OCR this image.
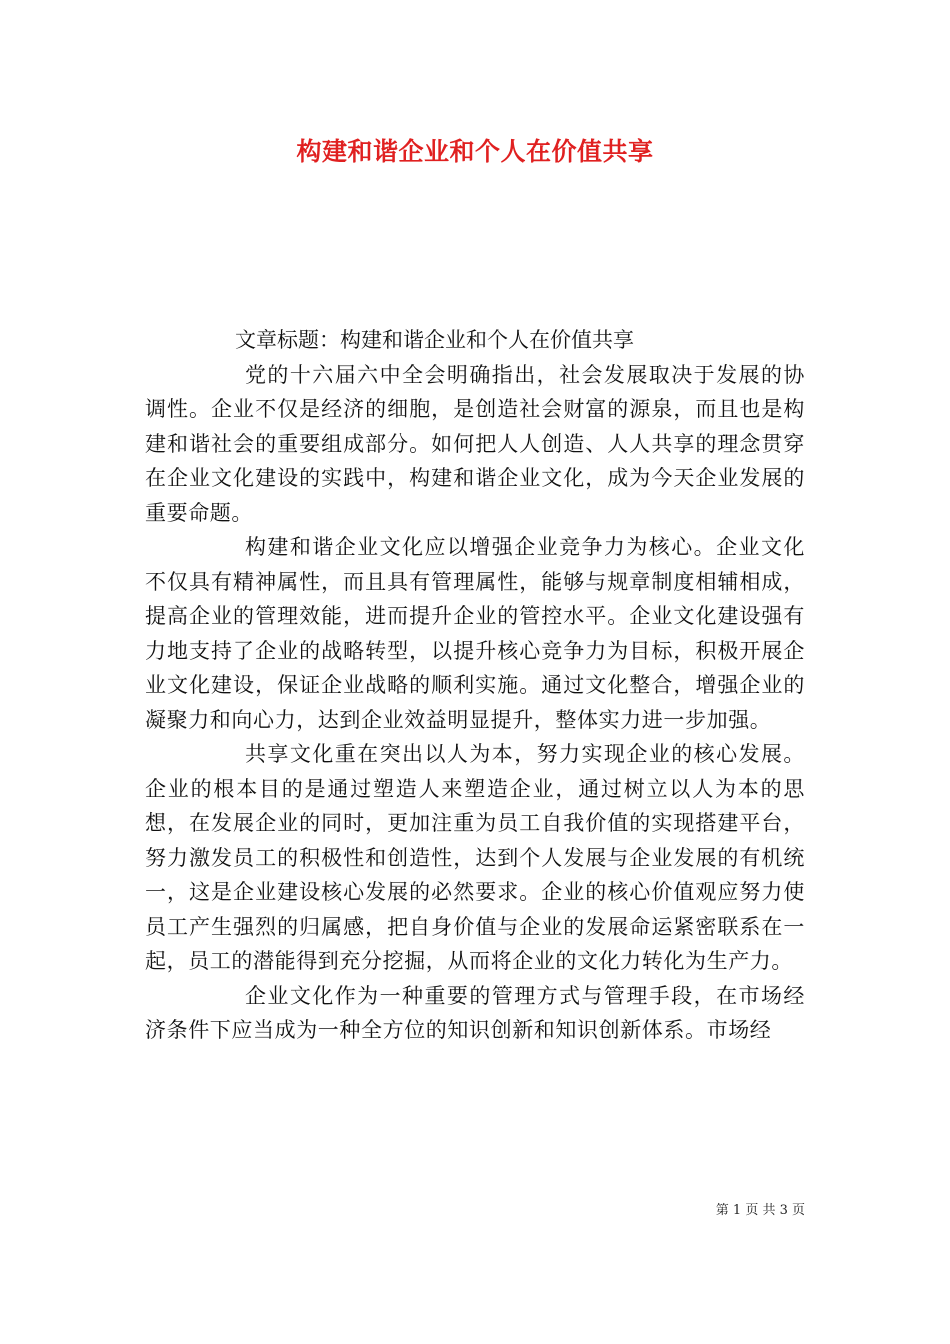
构建和谐企业和个人在价值共享

文章标题：构建和谐企业和个人在价值共享

党的十六届六中全会明确指出，社会发展取决于发展的协调性。企业不仅是经济的细胞，是创造社会财富的源泉，而且也是构建和谐社会的重要组成部分。如何把人人创造、人人共享的理念贯穿在企业文化建设的实践中，构建和谐企业文化，成为今天企业发展的重要命题。

构建和谐企业文化应以增强企业竞争力为核心。企业文化不仅具有精神属性，而且具有管理属性，能够与规章制度相辅相成，提高企业的管理效能，进而提升企业的管控水平。企业文化建设强有力地支持了企业的战略转型，以提升核心竞争力为目标，积极开展企业文化建设，保证企业战略的顺利实施。通过文化整合，增强企业的凝聚力和向心力，达到企业效益明显提升，整体实力进一步加强。

共享文化重在突出以人为本，努力实现企业的核心发展。企业的根本目的是通过塑造人来塑造企业，通过树立以人为本的思想，在发展企业的同时，更加注重为员工自我价值的实现搭建平台，努力激发员工的积极性和创造性，达到个人发展与企业发展的有机统一，这是企业建设核心发展的必然要求。企业的核心价值观应努力使员工产生强烈的归属感，把自身价值与企业的发展命运紧密联系在一起，员工的潜能得到充分挖掘，从而将企业的文化力转化为生产力。

企业文化作为一种重要的管理方式与管理手段，在市场经济条件下应当成为一种全方位的知识创新和知识创新体系。市场经

第 1 页 共 3 页
